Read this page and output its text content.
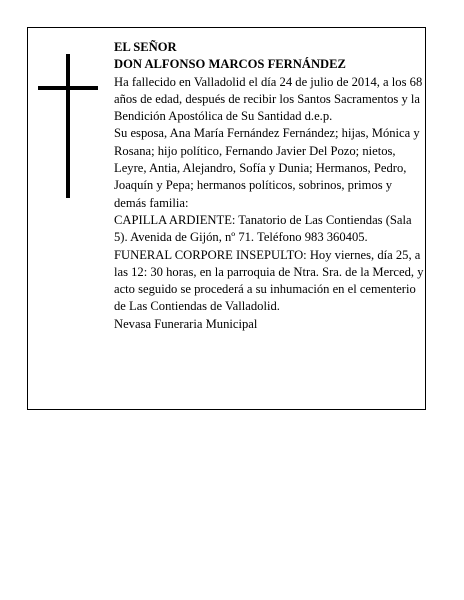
EL SEÑOR

DON ALFONSO MARCOS FERNÁNDEZ

Ha fallecido en Valladolid el día 24 de julio de 2014, a los 68 años de edad, después de recibir los Santos Sacramentos y la Bendición Apostólica de Su Santidad d.e.p.

Su esposa, Ana María Fernández Fernández; hijas, Mónica y Rosana; hijo político, Fernando Javier Del Pozo; nietos, Leyre, Antia, Alejandro, Sofía y Dunia; Hermanos, Pedro, Joaquín y Pepa; hermanos políticos, sobrinos, primos y demás familia:

CAPILLA ARDIENTE: Tanatorio de Las Contiendas (Sala 5). Avenida de Gijón, nº 71. Teléfono 983 360405.

FUNERAL CORPORE INSEPULTO: Hoy viernes, día 25, a las 12: 30 horas, en la parroquia de Ntra. Sra. de la Merced, y acto seguido se procederá a su inhumación en el cementerio de Las Contiendas de Valladolid.

Nevasa Funeraria Municipal
